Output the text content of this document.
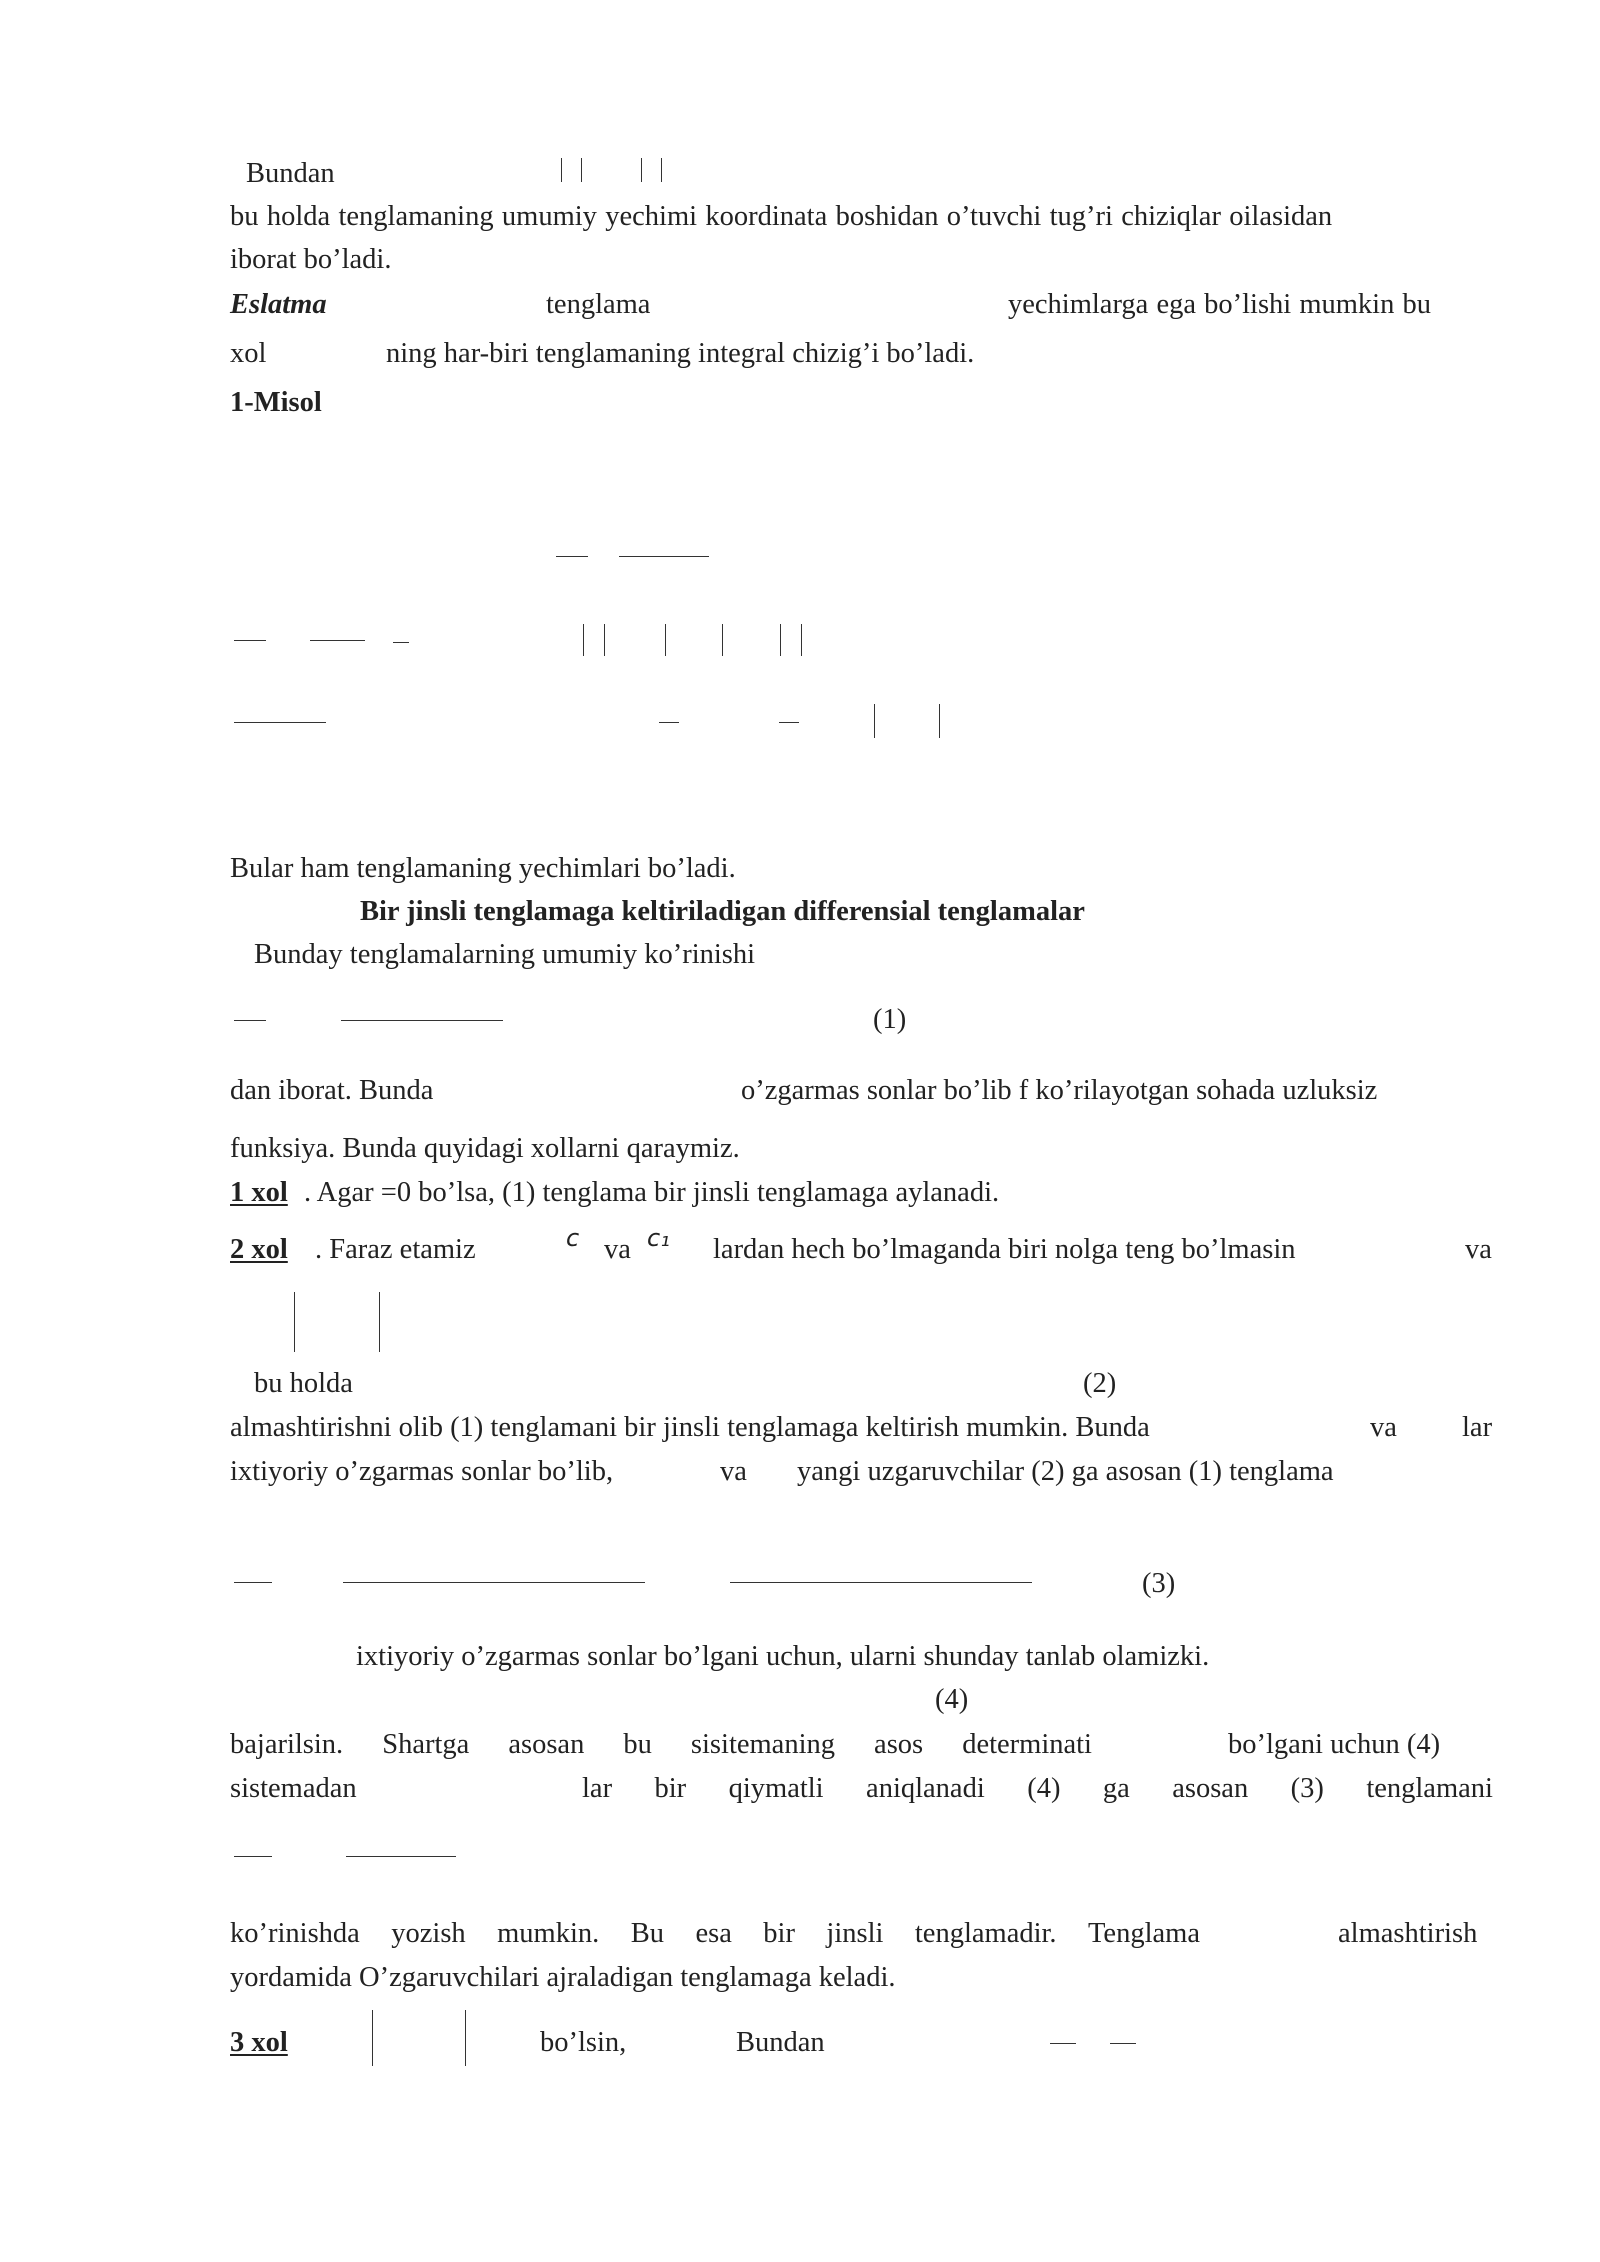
Bundan
bu holda tenglamaning umumiy yechimi koordinata boshidan o’tuvchi tug’ri chiziqlar oilasidan
iborat bo’ladi.
Eslatma	tenglama	yechimlarga ega bo’lishi mumkin bu
xol	ning har-biri tenglamaning integral chizig’i bo’ladi.
1-Misol
Bular ham tenglamaning yechimlari bo’ladi.
Bir jinsli tenglamaga keltiriladigan differensial tenglamalar
Bunday tenglamalarning umumiy ko’rinishi
(1)
dan iborat. Bunda	o’zgarmas sonlar bo’lib f ko’rilayotgan sohada uzluksiz
funksiya. Bunda quyidagi xollarni qaraymiz.
1 xol . Agar =0 bo’lsa, (1) tenglama bir jinsli tenglamaga aylanadi.
2 xol . Faraz etamiz	c va c₁ lardan hech bo’lmaganda biri nolga teng bo’lmasin	va
bu holda	(2)
almashtirishni olib (1) tenglamani bir jinsli tenglamaga keltirish mumkin. Bunda	va lar
ixtiyoriy o’zgarmas sonlar bo’lib,	va yangi uzgaruvchilar (2) ga asosan (1) tenglama
(3)
ixtiyoriy o’zgarmas sonlar bo’lgani uchun, ularni shunday tanlab olamizki.
(4)
bajarilsin. Shartga asosan bu sisitemaning asos determinati	bo’lgani uchun (4)
sistemadan	lar bir qiymatli aniqlanadi (4) ga asosan (3) tenglamani
ko’rinishda yozish mumkin. Bu esa bir jinsli tenglamadir. Tenglama	almashtirish
yordamida O’zgaruvchilari ajraladigan tenglamaga keladi.
3 xol	bo’lsin,	Bundan
